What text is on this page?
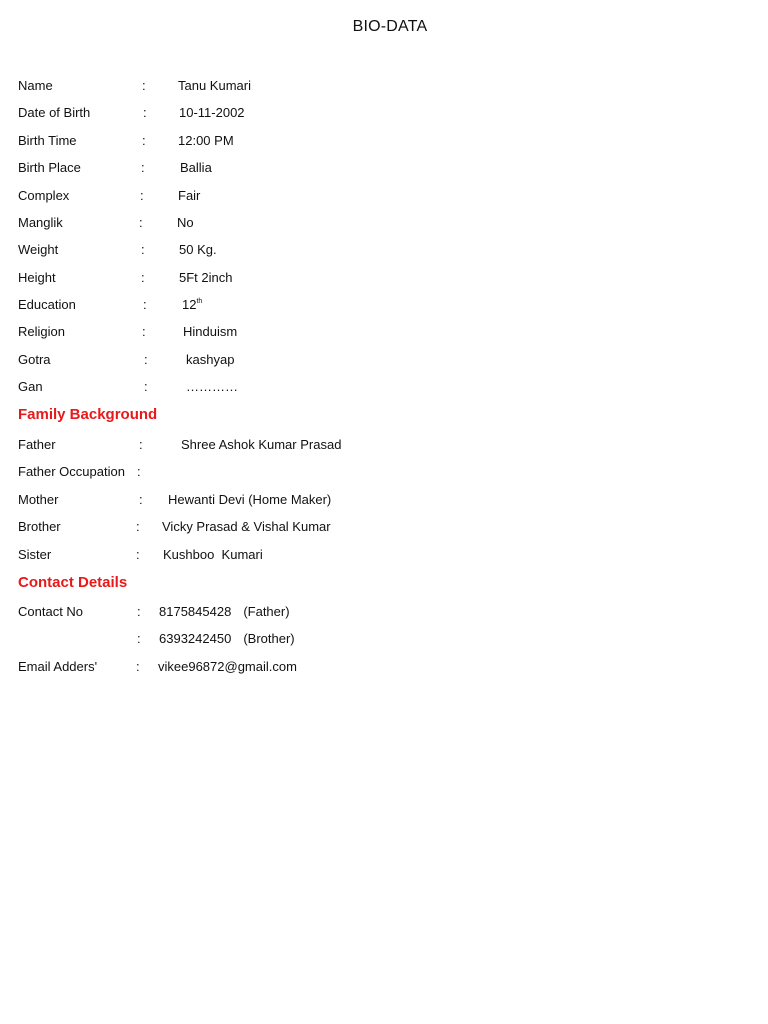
BIO-DATA
Name	: Tanu Kumari
Date of Birth	: 10-11-2002
Birth Time	: 12:00 PM
Birth Place	:	Ballia
Complex	:	Fair
Manglik	:	No
Weight	:	50 Kg.
Height	:	5Ft 2inch
Education	:	12th
Religion	:	Hinduism
Gotra	:	kashyap
Gan	:	…………
Family Background
Father	:	Shree Ashok Kumar Prasad
Father Occupation :
Mother	: Hewanti Devi (Home Maker)
Brother	: Vicky Prasad & Vishal Kumar
Sister	: Kushboo  Kumari
Contact Details
Contact No	: 8175845428 (Father)
: 6393242450 (Brother)
Email Adders'	: vikee96872@gmail.com
